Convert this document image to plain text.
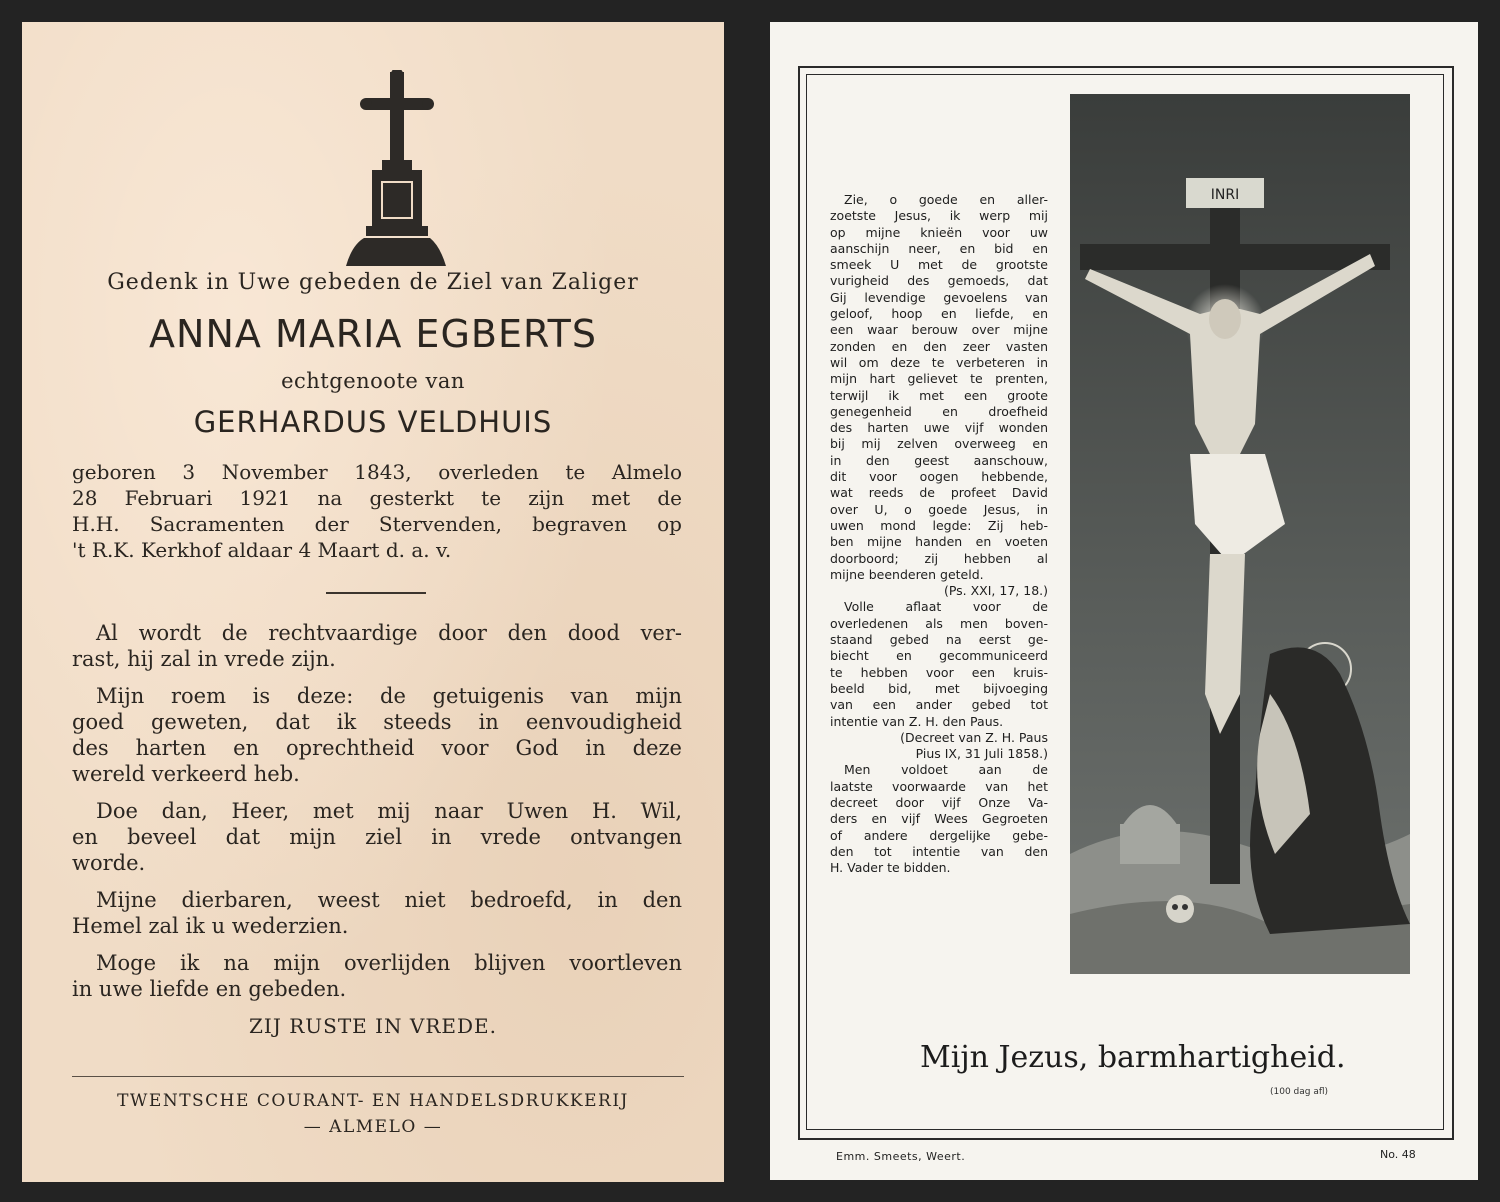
Gedenk in Uwe gebeden de Ziel van Zaliger
ANNA MARIA EGBERTS
echtgenoote van
GERHARDUS VELDHUIS
geboren 3 November 1843, overleden te Almelo
28 Februari 1921 na gesterkt te zijn met de
H.H. Sacramenten der Stervenden, begraven op
't R.K. Kerkhof aldaar 4 Maart d. a. v.
Al wordt de rechtvaardige door den dood ver-
rast, hij zal in vrede zijn.
Mijn roem is deze: de getuigenis van mijn
goed geweten, dat ik steeds in eenvoudigheid
des harten en oprechtheid voor God in deze
wereld verkeerd heb.
Doe dan, Heer, met mij naar Uwen H. Wil,
en beveel dat mijn ziel in vrede ontvangen
worde.
Mijne dierbaren, weest niet bedroefd, in den
Hemel zal ik u wederzien.
Moge ik na mijn overlijden blijven voortleven
in uwe liefde en gebeden.
ZIJ RUSTE IN VREDE.
TWENTSCHE COURANT- EN HANDELSDRUKKERIJ
— ALMELO —
Zie, o goede en aller-
zoetste Jesus, ik werp mij
op mijne knieën voor uw
aanschijn neer, en bid en
smeek U met de grootste
vurigheid des gemoeds, dat
Gij levendige gevoelens van
geloof, hoop en liefde, en
een waar berouw over mijne
zonden en den zeer vasten
wil om deze te verbeteren in
mijn hart gelievet te prenten,
terwijl ik met een groote
genegenheid en droefheid
des harten uwe vijf wonden
bij mij zelven overweeg en
in den geest aanschouw,
dit voor oogen hebbende,
wat reeds de profeet David
over U, o goede Jesus, in
uwen mond legde: Zij heb-
ben mijne handen en voeten
doorboord; zij hebben al
mijne beenderen geteld.
(Ps. XXI, 17, 18.)
Volle aflaat voor de
overledenen als men boven-
staand gebed na eerst ge-
biecht en gecommuniceerd
te hebben voor een kruis-
beeld bid, met bijvoeging
van een ander gebed tot
intentie van Z. H. den Paus.
(Decreet van Z. H. Paus
Pius IX, 31 Juli 1858.)
Men voldoet aan de
laatste voorwaarde van het
decreet door vijf Onze Va-
ders en vijf Wees Gegroeten
of andere dergelijke gebe-
den tot intentie van den
H. Vader te bidden.
INRI
Mijn Jezus, barmhartigheid.
(100 dag afl)
Emm. Smeets, Weert.	No. 48
